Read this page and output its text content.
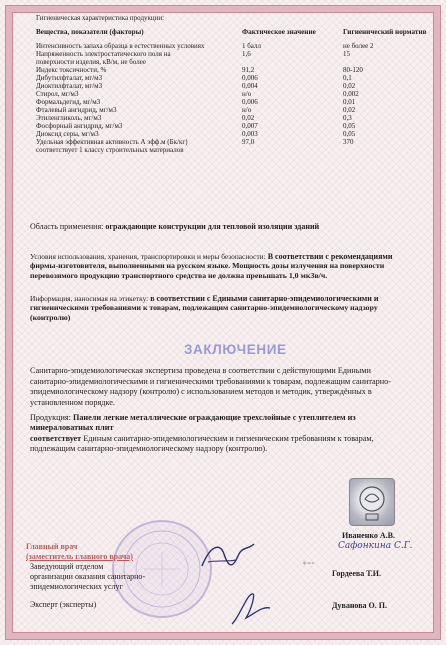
Гигиеническая характеристика продукции:
Вещества, показатели (факторы)	Фактическое значение	Гигиенический норматив
Интенсивность запаха образца в естественных условиях	1 балл	не более 2
Напряженность электростатического поля на	1,6	15
поверхности изделия, кВ/м, не более
Индекс токсичности, %	91,2	80-120
Дибутилфталат, мг/м3	0,006	0,1
Диоктилфталат, мг/м3	0,004	0,02
Стирол, мг/м3	н/о	0,002
Формальдегид, мг/м3	0,006	0,01
Фталевый ангидрид, мг/м3	н/о	0,02
Этиленгликоль, мг/м3	0,02	0,3
Фосфорный ангидрид, мг/м3	0,007	0,05
Диоксид серы, мг/м3	0,003	0,05
Удельная эффективная активность А эфф.м (Бк/кг)	97,0	370
соответствует 1 классу строительных материалов
Область применения: ограждающие конструкции для тепловой изоляции зданий
Условия использования, хранения, транспортировки и меры безопасности: В соответствии с рекомендациями
фирмы-изготовителя, выполненными на русском языке. Мощность дозы излучения на поверхности
перевозимого продукцию транспортного средства не должна превышать 1,0 мкЗв/ч.
Информация, наносимая на этикетку: в соответствии с Едиными санитарно-эпидемиологическими и
гигиеническими требованиями к товарам, подлежащим санитарно-эпидемиологическому надзору
(контролю)
ЗАКЛЮЧЕНИЕ
Санитарно-эпидемиологическая экспертиза проведена в соответствии с действующими Едиными
санитарно-эпидемиологическими и гигиеническими требованиями к товарам, подлежащим санитарно-
эпидемиологическому надзору (контролю) с использованием методов и методик, утверждённых в
установленном порядке.
Продукция: Панели легкие металлические ограждающие трехслойные с утеплителем из
минераловатных плит
соответствует Единым санитарно-эпидемиологическим и гигиеническим требованиям к товарам,
подлежащим санитарно-эпидемиологическому надзору (контролю).
Главный врач
(заместитель главного врача)
Заведующий отделом
организации оказания санитарно-
эпидемиологических услуг
Эксперт (эксперты)
Иваненко А.В.
Сафонкина С.Г.
ф. и.о.
Гордеева Т.И.
Дуванова О. П.
